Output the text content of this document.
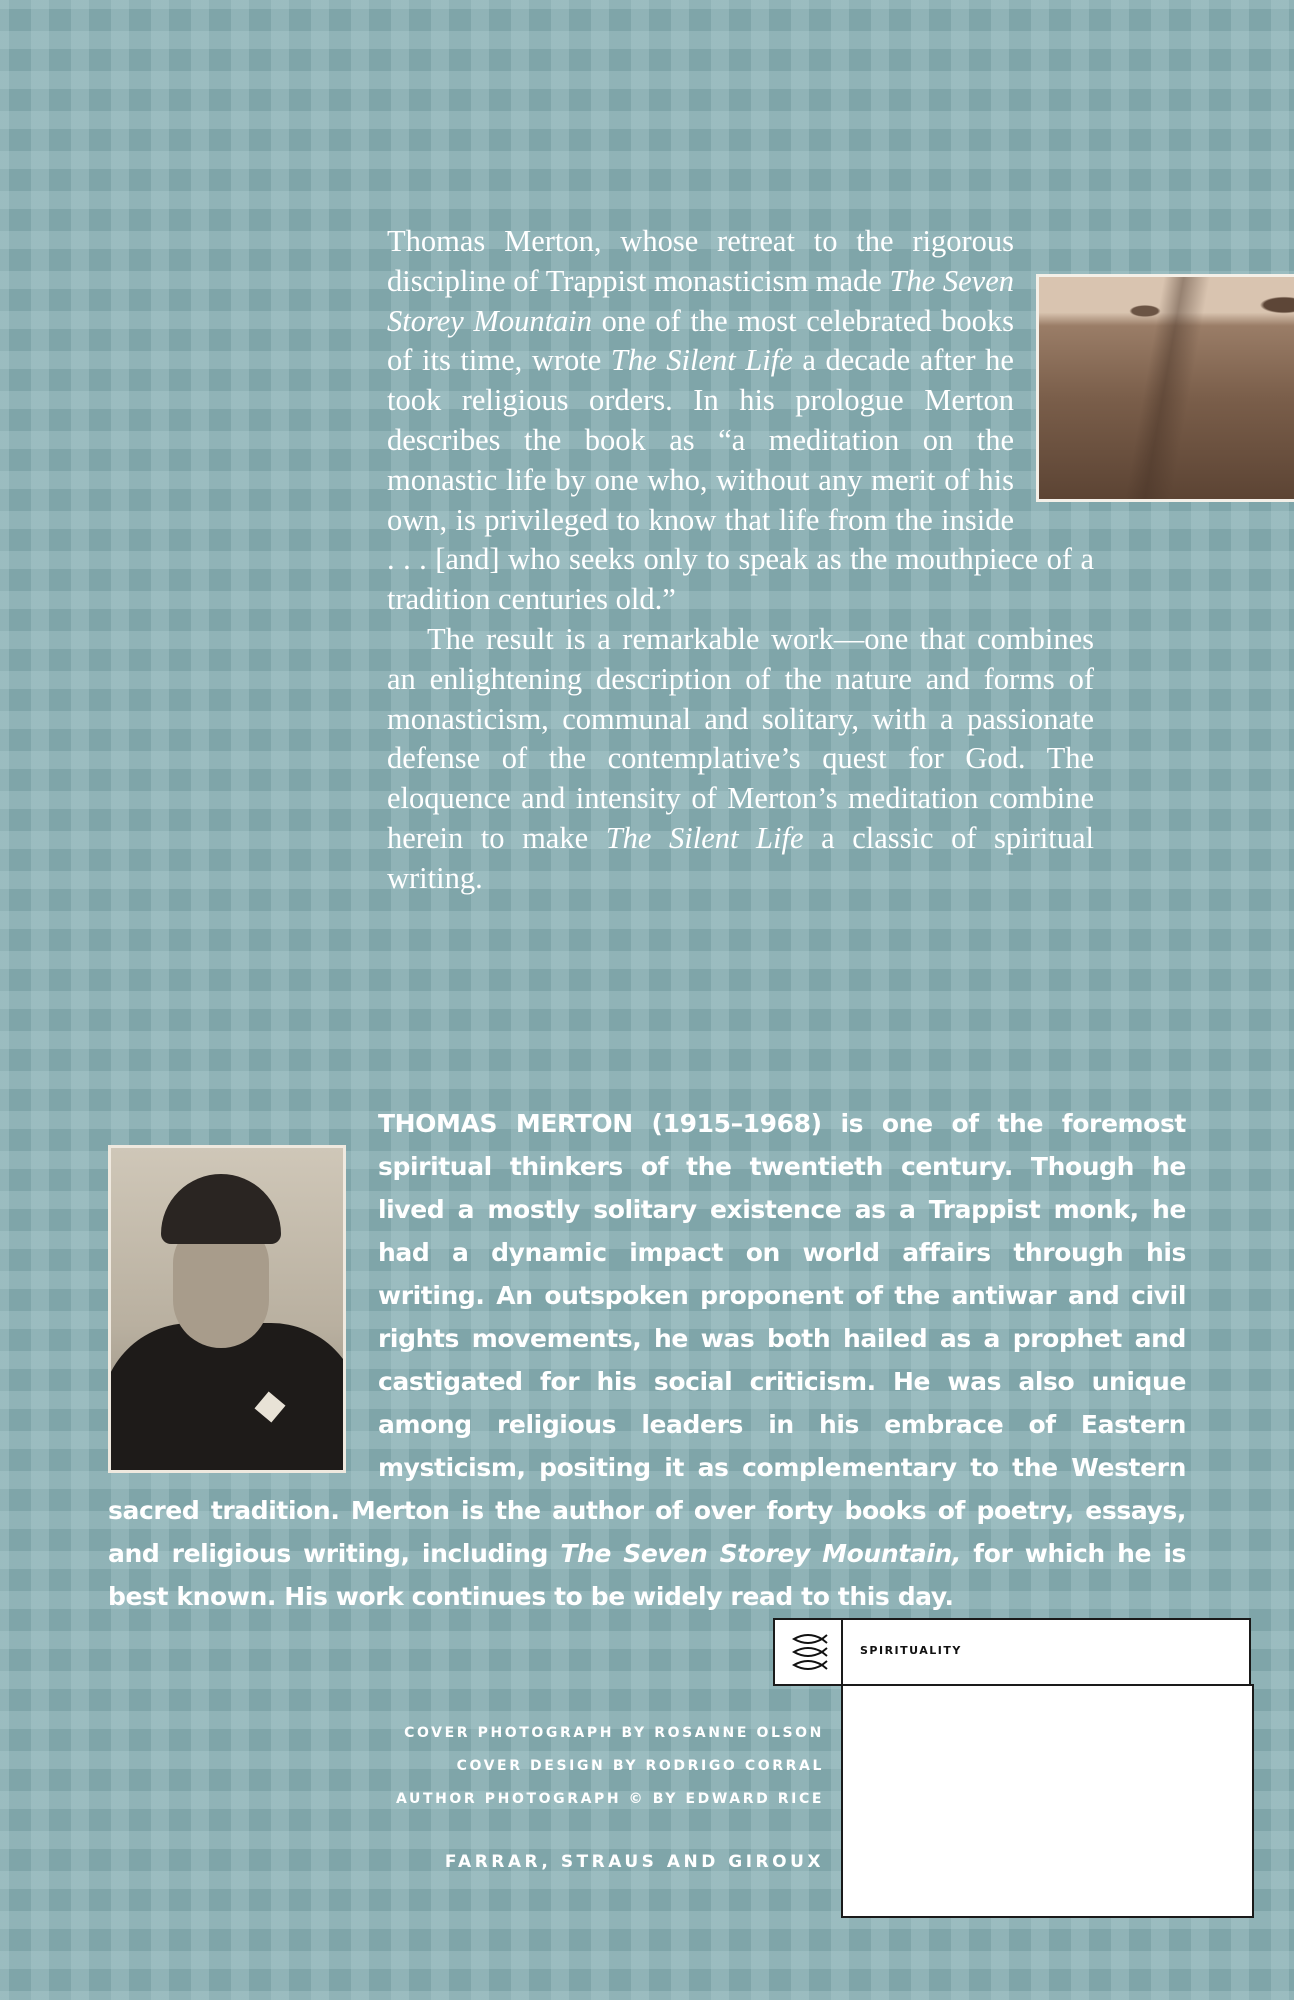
Thomas Merton, whose retreat to the rigorous discipline of Trappist monasticism made The Seven Storey Mountain one of the most celebrated books of its time, wrote The Silent Life a decade after he took religious orders. In his prologue Merton describes the book as “a meditation on the monastic life by one who, without any merit of his own, is privileged to know that life from the inside . . . [and] who seeks only to speak as the mouthpiece of a tradition centuries old.”

The result is a remarkable work—one that combines an enlightening description of the nature and forms of monasticism, communal and solitary, with a passionate defense of the contemplative’s quest for God. The eloquence and intensity of Merton’s meditation combine herein to make The Silent Life a classic of spiritual writing.

THOMAS MERTON (1915–1968) is one of the foremost spiritual thinkers of the twentieth century. Though he lived a mostly solitary existence as a Trappist monk, he had a dynamic impact on world affairs through his writing. An outspoken proponent of the antiwar and civil rights movements, he was both hailed as a prophet and castigated for his social criticism. He was also unique among religious leaders in his embrace of Eastern mysticism, positing it as complementary to the Western sacred tradition. Merton is the author of over forty books of poetry, essays, and religious writing, including The Seven Storey Mountain, for which he is best known. His work continues to be widely read to this day.

COVER PHOTOGRAPH BY ROSANNE OLSON
COVER DESIGN BY RODRIGO CORRAL
AUTHOR PHOTOGRAPH © BY EDWARD RICE
FARRAR, STRAUS AND GIROUX
SPIRITUALITY
